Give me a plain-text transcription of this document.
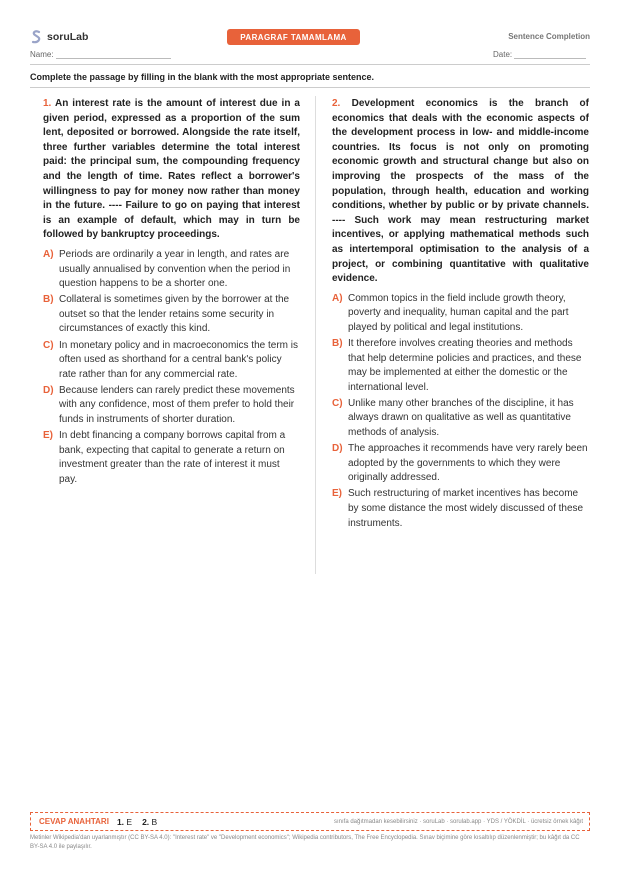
soruLab	PARAGRAF TAMAMLAMA	Sentence Completion
Name:	Date:
Complete the passage by filling in the blank with the most appropriate sentence.

1. An interest rate is the amount of interest due in a given period, expressed as a proportion of the sum lent, deposited or borrowed. Alongside the rate itself, three further variables determine the total interest paid: the principal sum, the compounding frequency and the length of time. Rates reflect a borrower's willingness to pay for money now rather than money in the future. ---- Failure to go on paying that interest is an example of default, which may in turn be followed by bankruptcy proceedings.

A) Periods are ordinarily a year in length, and rates are usually annualised by convention when the period in question happens to be a shorter one.
B) Collateral is sometimes given by the borrower at the outset so that the lender retains some security in circumstances of exactly this kind.
C) In monetary policy and in macroeconomics the term is often used as shorthand for a central bank's policy rate rather than for any commercial rate.
D) Because lenders can rarely predict these movements with any confidence, most of them prefer to hold their funds in instruments of shorter duration.
E) In debt financing a company borrows capital from a bank, expecting that capital to generate a return on investment greater than the rate of interest it must pay.

2. Development economics is the branch of economics that deals with the economic aspects of the development process in low- and middle-income countries. Its focus is not only on promoting economic growth and structural change but also on improving the prospects of the mass of the population, through health, education and working conditions, whether by public or by private channels. ---- Such work may mean restructuring market incentives, or applying mathematical methods such as intertemporal optimisation to the analysis of a project, or combining quantitative with qualitative evidence.

A) Common topics in the field include growth theory, poverty and inequality, human capital and the part played by political and legal institutions.
B) It therefore involves creating theories and methods that help determine policies and practices, and these may be implemented at either the domestic or the international level.
C) Unlike many other branches of the discipline, it has always drawn on qualitative as well as quantitative methods of analysis.
D) The approaches it recommends have very rarely been adopted by the governments to which they were originally addressed.
E) Such restructuring of market incentives has become by some distance the most widely discussed of these instruments.
CEVAP ANAHTARI 1. E 2. B	sınıfa dağıtmadan kesebilirsiniz · soruLab · sorulab.app · YDS / YÖKDİL · ücretsiz örnek kâğıt
Metinler Wikipedia'dan uyarlanmıştır (CC BY-SA 4.0): "Interest rate" ve "Development economics"; Wikipedia contributors, The Free Encyclopedia. Sınav biçimine göre kısaltılıp düzenlenmiştir; bu kâğıt da CC BY-SA 4.0 ile paylaşılır.
